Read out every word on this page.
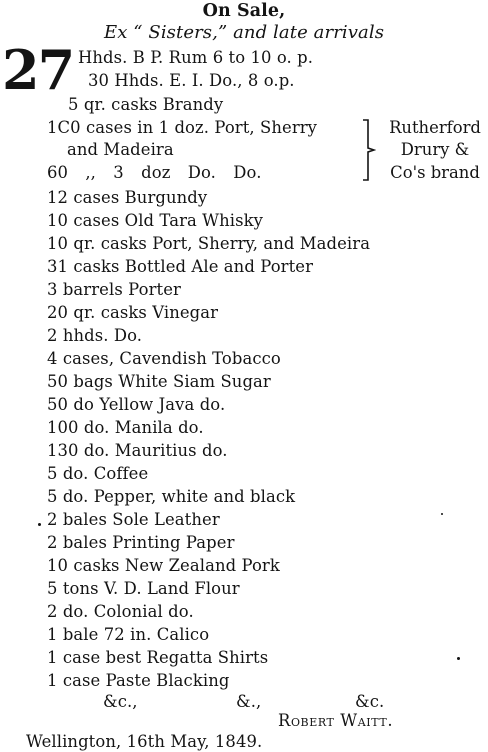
On Sale,
Ex “ Sisters,” and late arrivals
27 Hhds. B P. Rum 6 to 10 o. p.
30 Hhds. E. I. Do., 8 o.p.
5 qr. casks Brandy
1C0 cases in 1 doz. Port, Sherry
and Madeira
60 ,, 3 doz Do. Do.
Rutherford
Drury &
Co's brand
12 cases Burgundy
10 cases Old Tara Whisky
10 qr. casks Port, Sherry, and Madeira
31 casks Bottled Ale and Porter
3 barrels Porter
20 qr. casks Vinegar
2 hhds. Do.
4 cases, Cavendish Tobacco
50 bags White Siam Sugar
50 do Yellow Java do.
100 do. Manila do.
130 do. Mauritius do.
5 do. Coffee
5 do. Pepper, white and black
2 bales Sole Leather
2 bales Printing Paper
10 casks New Zealand Pork
5 tons V. D. Land Flour
2 do. Colonial do.
1 bale 72 in. Calico
1 case best Regatta Shirts
1 case Paste Blacking
&c.,	&.,	&c.
Robert Waitt.
Wellington, 16th May, 1849.
